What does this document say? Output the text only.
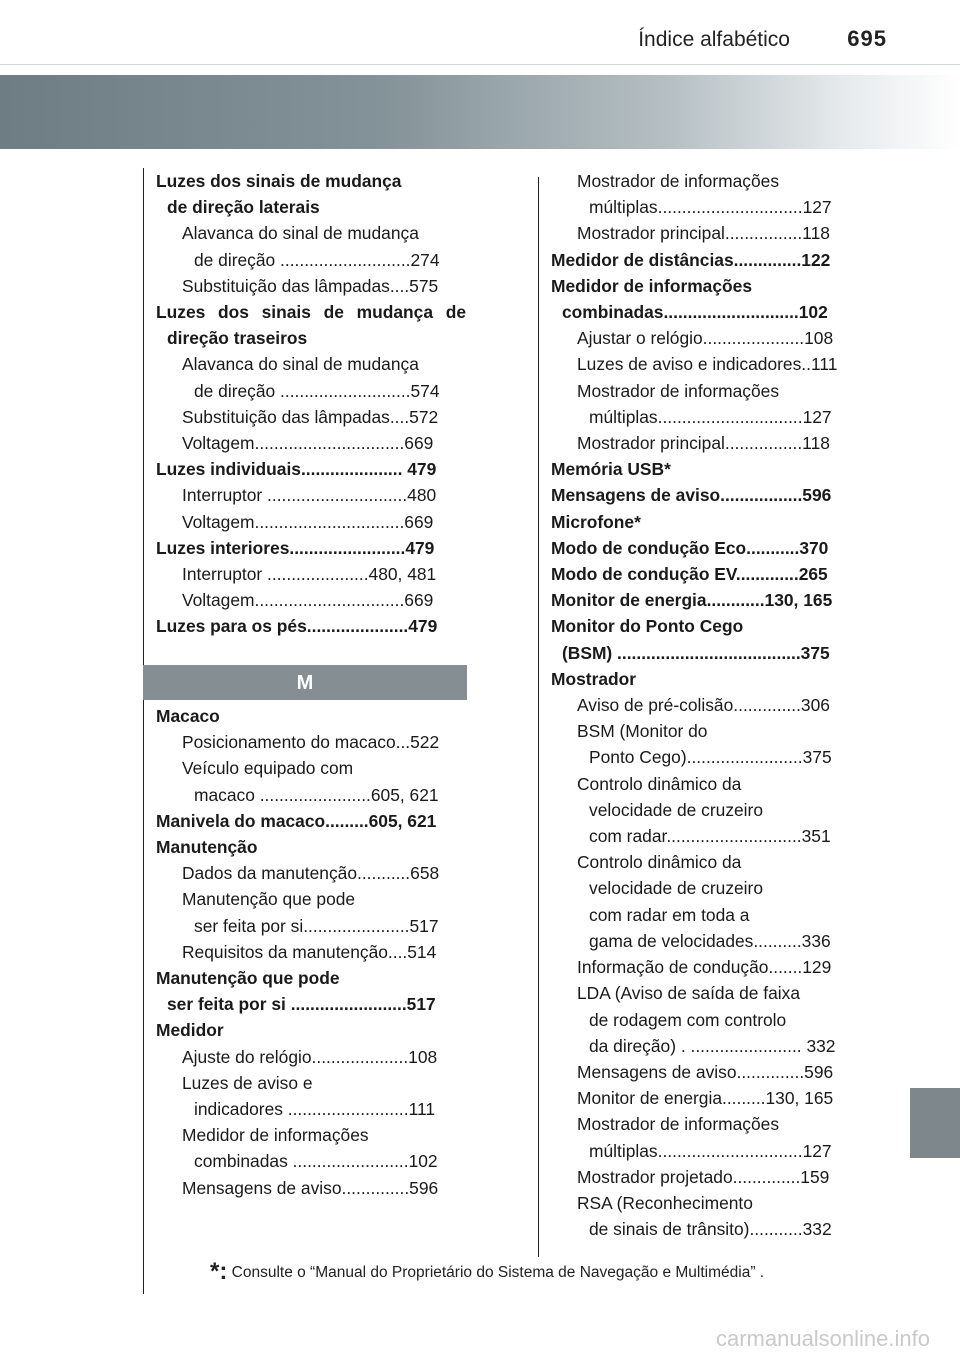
Índice alfabético	695
Luzes dos sinais de mudança
de direção laterais
Alavanca do sinal de mudança
de direção ...........................274
Substituição das lâmpadas....575
Luzes dos sinais de mudança de
direção traseiros
Alavanca do sinal de mudança
de direção ...........................574
Substituição das lâmpadas....572
Voltagem...............................669
Luzes individuais..................... 479
Interruptor .............................480
Voltagem...............................669
Luzes interiores........................479
Interruptor .....................480, 481
Voltagem...............................669
Luzes para os pés.....................479
M
Macaco
Posicionamento do macaco...522
Veículo equipado com
macaco .......................605, 621
Manivela do macaco.........605, 621
Manutenção
Dados da manutenção...........658
Manutenção que pode
ser feita por si......................517
Requisitos da manutenção....514
Manutenção que pode
ser feita por si ........................517
Medidor
Ajuste do relógio....................108
Luzes de aviso e
indicadores .........................111
Medidor de informações
combinadas ........................102
Mensagens de aviso..............596
Mostrador de informações
múltiplas..............................127
Mostrador principal................118
Medidor de distâncias..............122
Medidor de informações
combinadas............................102
Ajustar o relógio.....................108
Luzes de aviso e indicadores..111
Mostrador de informações
múltiplas..............................127
Mostrador principal................118
Memória USB*
Mensagens de aviso.................596
Microfone*
Modo de condução Eco...........370
Modo de condução EV.............265
Monitor de energia............130, 165
Monitor do Ponto Cego
(BSM) ......................................375
Mostrador
Aviso de pré-colisão..............306
BSM (Monitor do
Ponto Cego)........................375
Controlo dinâmico da
velocidade de cruzeiro
com radar............................351
Controlo dinâmico da
velocidade de cruzeiro
com radar em toda a
gama de velocidades..........336
Informação de condução.......129
LDA (Aviso de saída de faixa
de rodagem com controlo
da direção) . ....................... 332
Mensagens de aviso..............596
Monitor de energia.........130, 165
Mostrador de informações
múltiplas..............................127
Mostrador projetado..............159
RSA (Reconhecimento
de sinais de trânsito)...........332
*: Consulte o “Manual do Proprietário do Sistema de Navegação e Multimédia” .
carmanualsonline.info
